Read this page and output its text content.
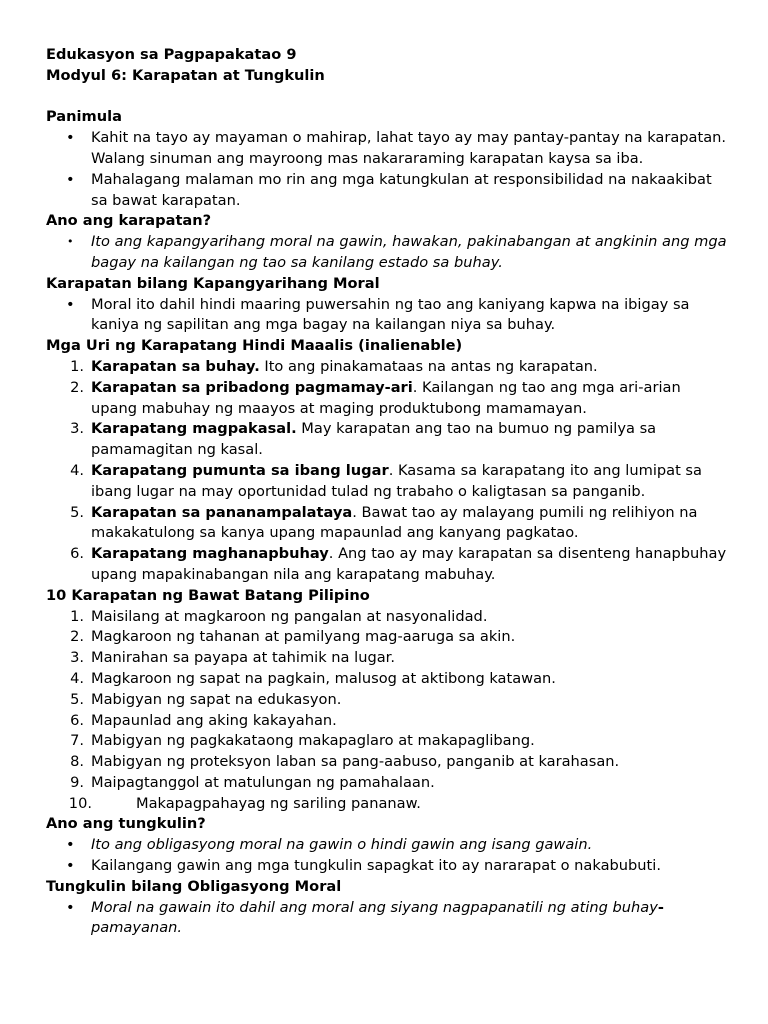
Edukasyon sa Pagpapakatao 9
Modyul 6: Karapatan at Tungkulin
Panimula
•	Kahit na tayo ay mayaman o mahirap, lahat tayo ay may pantay-pantay na karapatan. Walang sinuman ang mayroong mas nakararaming karapatan kaysa sa iba.
•	Mahalagang malaman mo rin ang mga katungkulan at responsibilidad na nakaakibat sa bawat karapatan.
Ano ang karapatan?
•	Ito ang kapangyarihang moral na gawin, hawakan, pakinabangan at angkinin ang mga bagay na kailangan ng tao sa kanilang estado sa buhay.
Karapatan bilang Kapangyarihang Moral
•	Moral ito dahil hindi maaring puwersahin ng tao ang kaniyang kapwa na ibigay sa kaniya ng sapilitan ang mga bagay na kailangan niya sa buhay.
Mga Uri ng Karapatang Hindi Maaalis (inalienable)
1. Karapatan sa buhay. Ito ang pinakamataas na antas ng karapatan.
2. Karapatan sa pribadong pagmamay-ari. Kailangan ng tao ang mga ari-arian upang mabuhay ng maayos at maging produktubong mamamayan.
3. Karapatang magpakasal. May karapatan ang tao na bumuo ng pamilya sa pamamagitan ng kasal.
4. Karapatang pumunta sa ibang lugar. Kasama sa karapatang ito ang lumipat sa ibang lugar na may oportunidad tulad ng trabaho o kaligtasan sa panganib.
5. Karapatan sa pananampalataya. Bawat tao ay malayang pumili ng relihiyon na makakatulong sa kanya upang mapaunlad ang kanyang pagkatao.
6. Karapatang maghanapbuhay. Ang tao ay may karapatan sa disenteng hanapbuhay upang mapakinabangan nila ang karapatang mabuhay.
10 Karapatan ng Bawat Batang Pilipino
1. Maisilang at magkaroon ng pangalan at nasyonalidad.
2. Magkaroon ng tahanan at pamilyang mag-aaruga sa akin.
3. Manirahan sa payapa at tahimik na lugar.
4. Magkaroon ng sapat na pagkain, malusog at aktibong katawan.
5. Mabigyan ng sapat na edukasyon.
6. Mapaunlad ang aking kakayahan.
7. Mabigyan ng pagkakataong makapaglaro at makapaglibang.
8. Mabigyan ng proteksyon laban sa pang-aabuso, panganib at karahasan.
9. Maipagtanggol at matulungan ng pamahalaan.
10.	Makapagpahayag ng sariling pananaw.
Ano ang tungkulin?
•	Ito ang obligasyong moral na gawin o hindi gawin ang isang gawain.
•	Kailangang gawin ang mga tungkulin sapagkat ito ay nararapat o nakabubuti.
Tungkulin bilang Obligasyong Moral
•	Moral na gawain ito dahil ang moral ang siyang nagpapanatili ng ating buhay-
pamayanan.
